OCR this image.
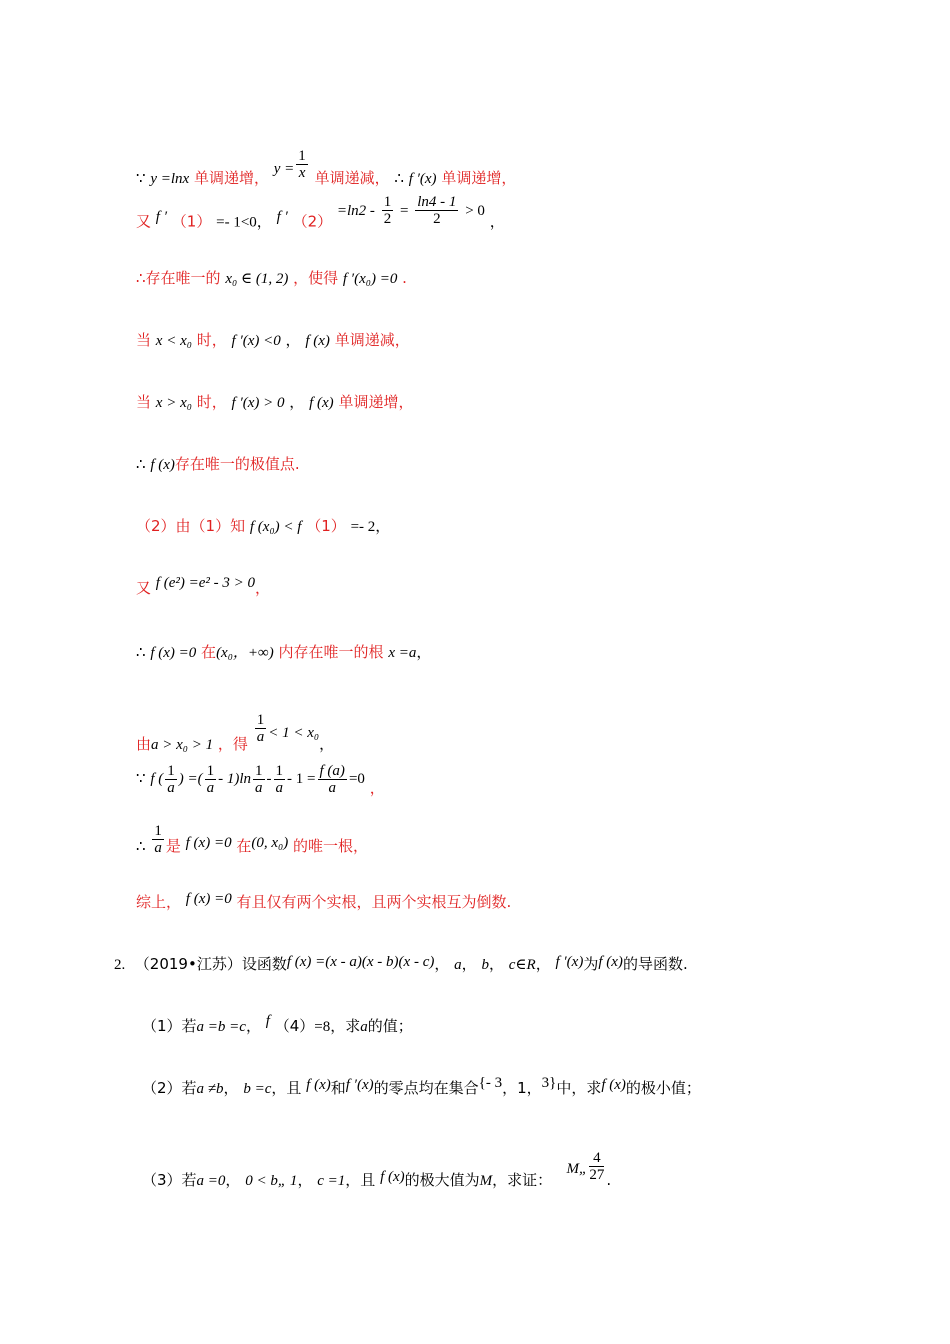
∵ y =lnx 单调递增， $y = \frac{1}{x}$ 单调递减， ∴ f ′(x) 单调递增，
又 f ′ （1） =- 1<0， f ′ $(2) =\ln 2 - \frac{1}{2} = \frac{\ln 4 - 1}{2} > 0$ ，
∴存在唯一的 x₀ ∈ (1, 2) ，使得 f ′(x₀) =0 .
当 x < x₀ 时， f ′(x) <0 ， f (x) 单调递减，
当 x > x₀ 时， f ′(x) > 0 ， f (x) 单调递增，
∴ f (x)存在唯一的极值点.
（2）由（1）知 f (x₀) < f （1） =- 2，
又 f (e²) =e² - 3 > 0，
∴ f (x) =0 在(x₀，+∞) 内存在唯一的根 x =a，
由a > x₀ > 1 ，得 $\frac{1}{a} < 1 < x_0$，
∵ f ( $\frac{1}{a}$ ) =( $\frac{1}{a} - 1)\ln \frac{1}{a} - \frac{1}{a} - 1 = \frac{f (a)}{a} =0$ ，
∴ $\frac{1}{a}$ 是 f (x) =0 在(0, x₀) 的唯一根，
综上， f (x) =0 有且仅有两个实根，且两个实根互为倒数.
2. （2019•江苏）设函数f (x) =(x - a)(x - b)(x - c)， a， b， c∈R， f ′(x)为f (x)的导函数.
（1）若a =b =c， f （4）=8，求a的值；
（2）若a ≠b， b =c，且 f (x)和f ′(x)的零点均在集合{- 3，1，3}中，求f (x)的极小值；
（3）若a =0， 0 < b„ 1， c =1，且 f (x)的极大值为M，求证：   M„ $\frac{4}{27}$ .
